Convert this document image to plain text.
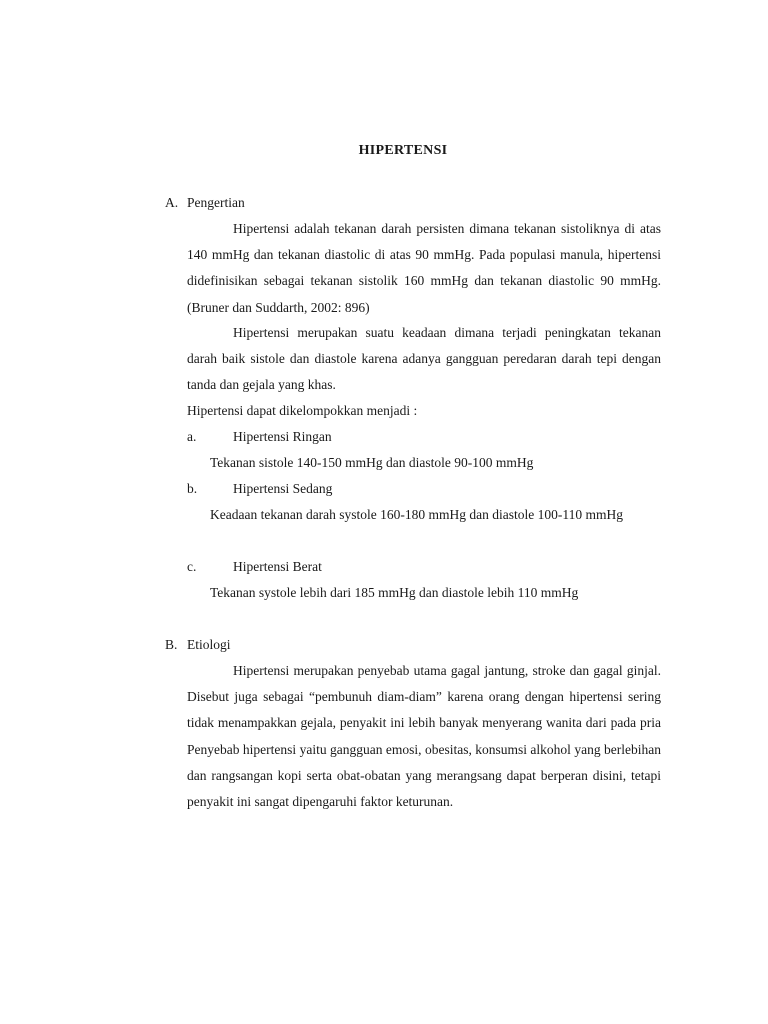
HIPERTENSI
A. Pengertian
Hipertensi adalah tekanan darah persisten dimana tekanan sistoliknya di atas 140 mmHg dan tekanan diastolic di atas 90 mmHg. Pada populasi manula, hipertensi didefinisikan sebagai tekanan sistolik 160 mmHg dan tekanan diastolic 90 mmHg. (Bruner dan Suddarth, 2002: 896)
Hipertensi merupakan suatu keadaan dimana terjadi peningkatan tekanan darah baik sistole dan diastole karena adanya gangguan peredaran darah tepi dengan tanda dan gejala yang khas.
Hipertensi dapat dikelompokkan menjadi :
a.	Hipertensi Ringan
Tekanan sistole 140-150 mmHg dan diastole 90-100 mmHg
b.	Hipertensi Sedang
Keadaan tekanan darah systole 160-180 mmHg dan diastole 100-110 mmHg
c.	Hipertensi Berat
Tekanan systole lebih dari 185 mmHg dan diastole lebih 110 mmHg
B. Etiologi
Hipertensi merupakan penyebab utama gagal jantung, stroke dan gagal ginjal. Disebut juga sebagai “pembunuh diam-diam” karena orang dengan hipertensi sering tidak menampakkan gejala, penyakit ini lebih banyak menyerang wanita dari pada pria Penyebab hipertensi yaitu gangguan emosi, obesitas, konsumsi alkohol yang berlebihan dan rangsangan kopi serta obat-obatan yang merangsang dapat berperan disini, tetapi penyakit ini sangat dipengaruhi faktor keturunan.
